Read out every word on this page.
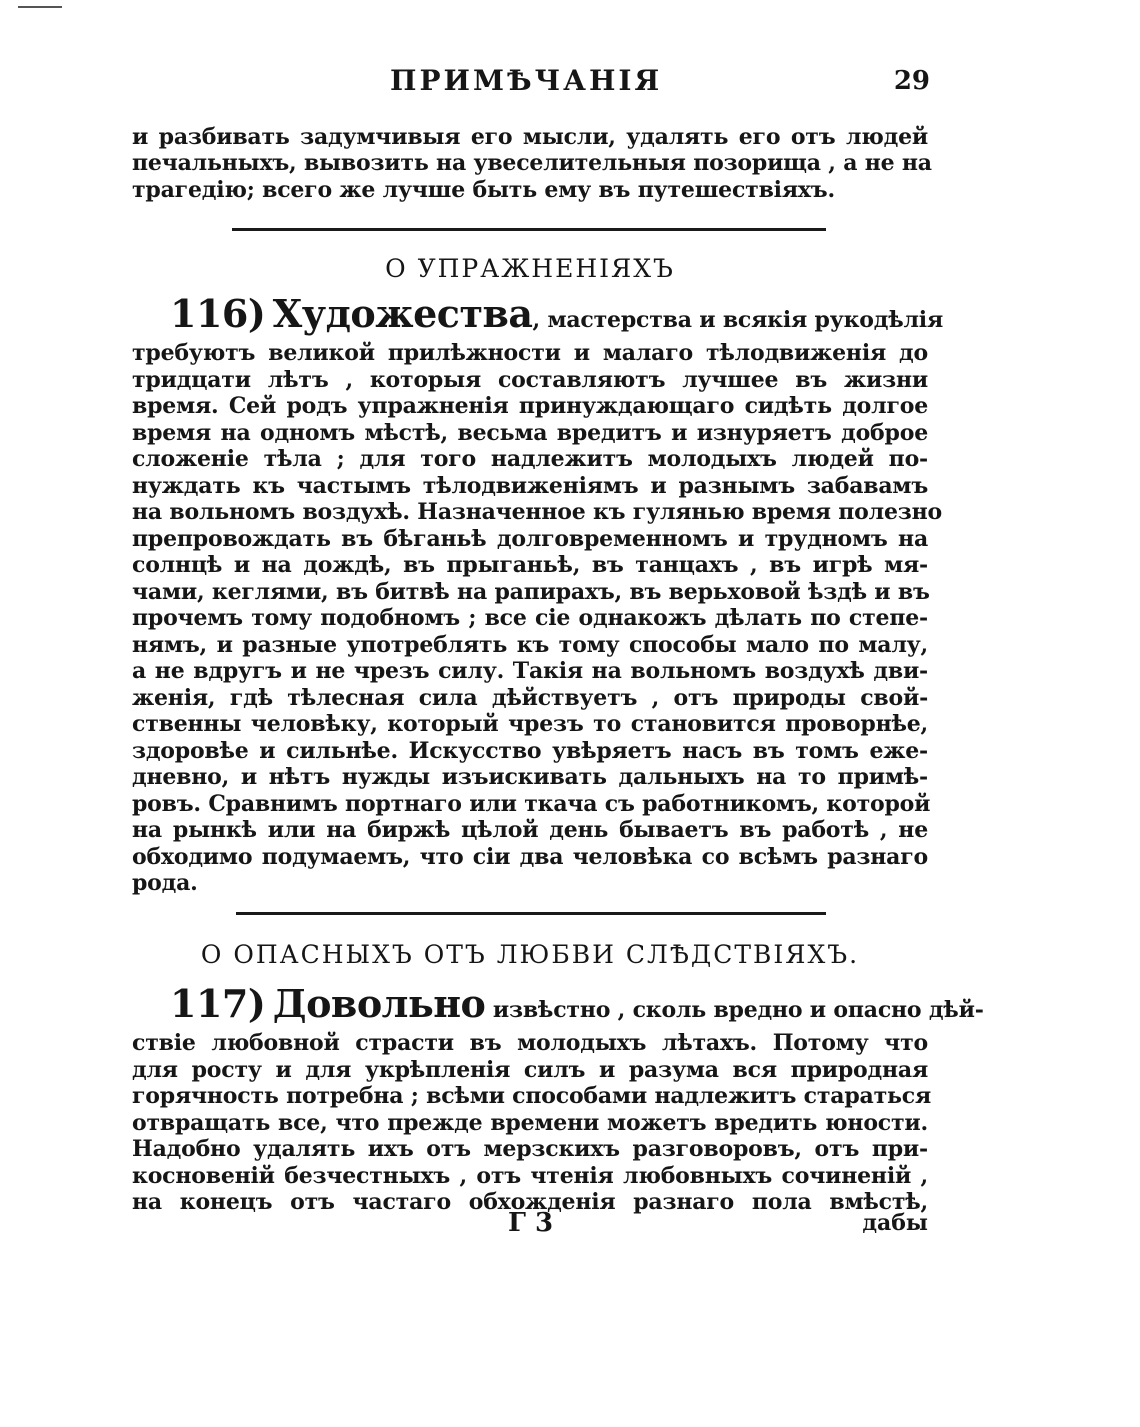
ПРИМѢЧАНІЯ	29
и разбивать задумчивыя его мысли, удалять его отъ людей
печальныхъ, вывозить на увеселительныя позорища , а не на
трагедію; всего же лучше быть ему въ путешествіяхъ.
О УПРАЖНЕНІЯХЪ
116) Художества, мастерства и всякія рукодѣлія
требуютъ великой прилѣжности и малаго тѣлодвиженія до
тридцати лѣтъ , которыя составляютъ лучшее въ жизни
время. Сей родъ упражненія принуждающаго сидѣть долгое
время на одномъ мѣстѣ, весьма вредитъ и изнуряетъ доброе
сложеніе тѣла ; для того надлежитъ молодыхъ людей по-
нуждать къ частымъ тѣлодвиженіямъ и разнымъ забавамъ
на вольномъ воздухѣ. Назначенное къ гулянью время полезно
препровождать въ бѣганьѣ долговременномъ и трудномъ на
солнцѣ и на дождѣ, въ прыганьѣ, въ танцахъ , въ игрѣ мя-
чами, кеглями, въ битвѣ на рапирахъ, въ верьховой ѣздѣ и въ
прочемъ тому подобномъ ; все сіе однакожъ дѣлать по степе-
нямъ, и разные употреблять къ тому способы мало по малу,
а не вдругъ и не чрезъ силу. Такія на вольномъ воздухѣ дви-
женія, гдѣ тѣлесная сила дѣйствуетъ , отъ природы свой-
ственны человѣку, который чрезъ то становится проворнѣе,
здоровѣе и сильнѣе. Искусство увѣряетъ насъ въ томъ еже-
дневно, и нѣтъ нужды изъискивать дальныхъ на то примѣ-
ровъ. Сравнимъ портнаго или ткача съ работникомъ, которой
на рынкѣ или на биржѣ цѣлой день бываетъ въ работѣ , не
обходимо подумаемъ, что сіи два человѣка со всѣмъ разнаго
рода.
О ОПАСНЫХЪ ОТЪ ЛЮБВИ СЛѢДСТВІЯХЪ.
117) Довольно извѣстно , сколь вредно и опасно дѣй-
ствіе любовной страсти въ молодыхъ лѣтахъ. Потому что
для росту и для укрѣпленія силъ и разума вся природная
горячность потребна ; всѣми способами надлежитъ стараться
отвращать все, что прежде времени можетъ вредить юности.
Надобно удалять ихъ отъ мерзскихъ разговоровъ, отъ при-
косновеній безчестныхъ , отъ чтенія любовныхъ сочиненій ,
на конецъ отъ частаго обхожденія разнаго пола вмѣстѣ,
Г 3	дабы
